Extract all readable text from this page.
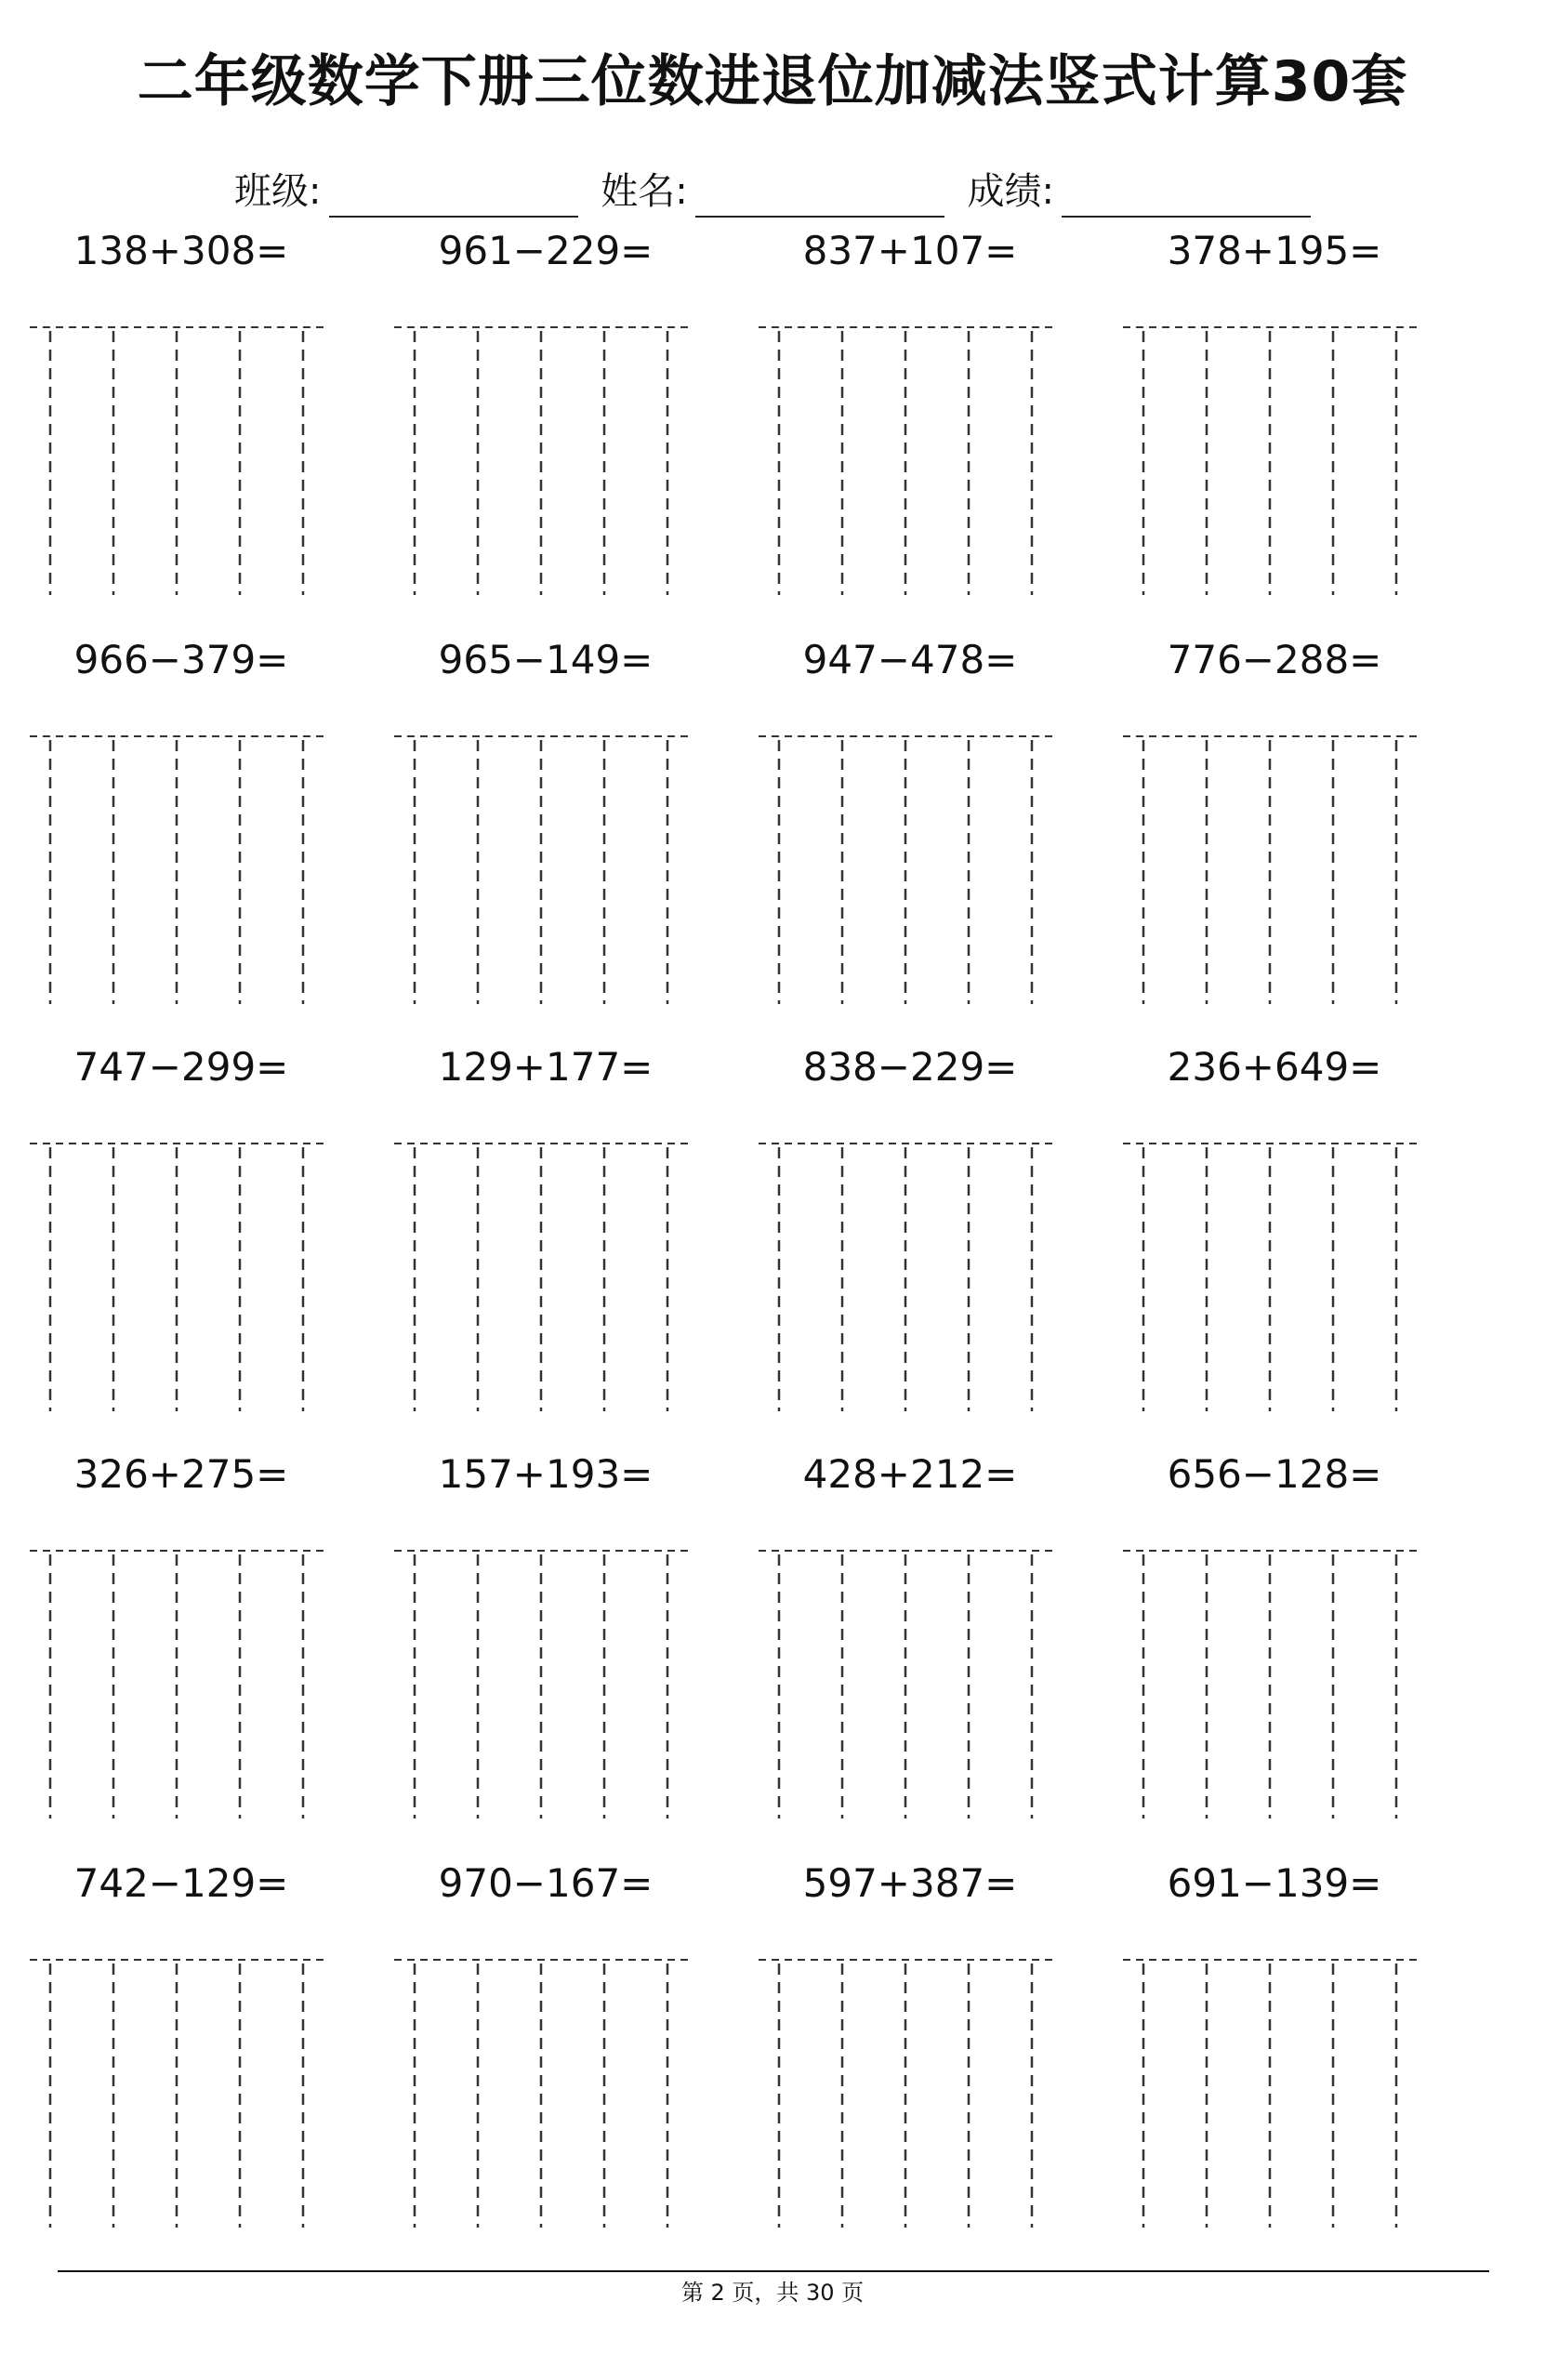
二年级数学下册三位数进退位加减法竖式计算30套
班级:	姓名:	成绩:
138+308=	961−229=	837+107=	378+195=
966−379=	965−149=	947−478=	776−288=
747−299=	129+177=	838−229=	236+649=
326+275=	157+193=	428+212=	656−128=
742−129=	970−167=	597+387=	691−139=
第 2 页，共 30 页
